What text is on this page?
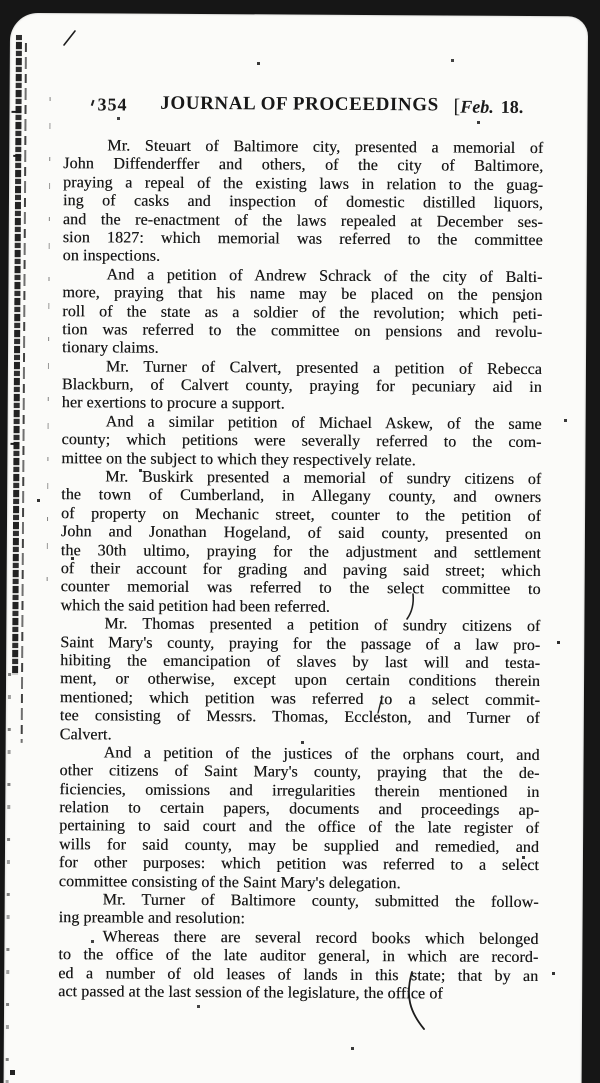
354 JOURNAL OF PROCEEDINGS [Feb. 18.
Mr. Steuart of Baltimore city, presented a memorial of
John Diffenderffer and others, of the city of Baltimore,
praying a repeal of the existing laws in relation to the guag-
ing of casks and inspection of domestic distilled liquors,
and the re-enactment of the laws repealed at December ses-
sion 1827: which memorial was referred to the committee
on inspections.
And a petition of Andrew Schrack of the city of Balti-
more, praying that his name may be placed on the pension
roll of the state as a soldier of the revolution; which peti-
tion was referred to the committee on pensions and revolu-
tionary claims.
Mr. Turner of Calvert, presented a petition of Rebecca
Blackburn, of Calvert county, praying for pecuniary aid in
her exertions to procure a support.
And a similar petition of Michael Askew, of the same
county; which petitions were severally referred to the com-
mittee on the subject to which they respectively relate.
Mr. Buskirk presented a memorial of sundry citizens of
the town of Cumberland, in Allegany county, and owners
of property on Mechanic street, counter to the petition of
John and Jonathan Hogeland, of said county, presented on
the 30th ultimo, praying for the adjustment and settlement
of their account for grading and paving said street; which
counter memorial was referred to the select committee to
which the said petition had been referred.
Mr. Thomas presented a petition of sundry citizens of
Saint Mary's county, praying for the passage of a law pro-
hibiting the emancipation of slaves by last will and testa-
ment, or otherwise, except upon certain conditions therein
mentioned; which petition was referred to a select commit-
tee consisting of Messrs. Thomas, Eccleston, and Turner of
Calvert.
And a petition of the justices of the orphans court, and
other citizens of Saint Mary's county, praying that the de-
ficiencies, omissions and irregularities therein mentioned in
relation to certain papers, documents and proceedings ap-
pertaining to said court and the office of the late register of
wills for said county, may be supplied and remedied, and
for other purposes: which petition was referred to a select
committee consisting of the Saint Mary's delegation.
Mr. Turner of Baltimore county, submitted the follow-
ing preamble and resolution:
Whereas there are several record books which belonged
to the office of the late auditor general, in which are record-
ed a number of old leases of lands in this state; that by an
act passed at the last session of the legislature, the office of
